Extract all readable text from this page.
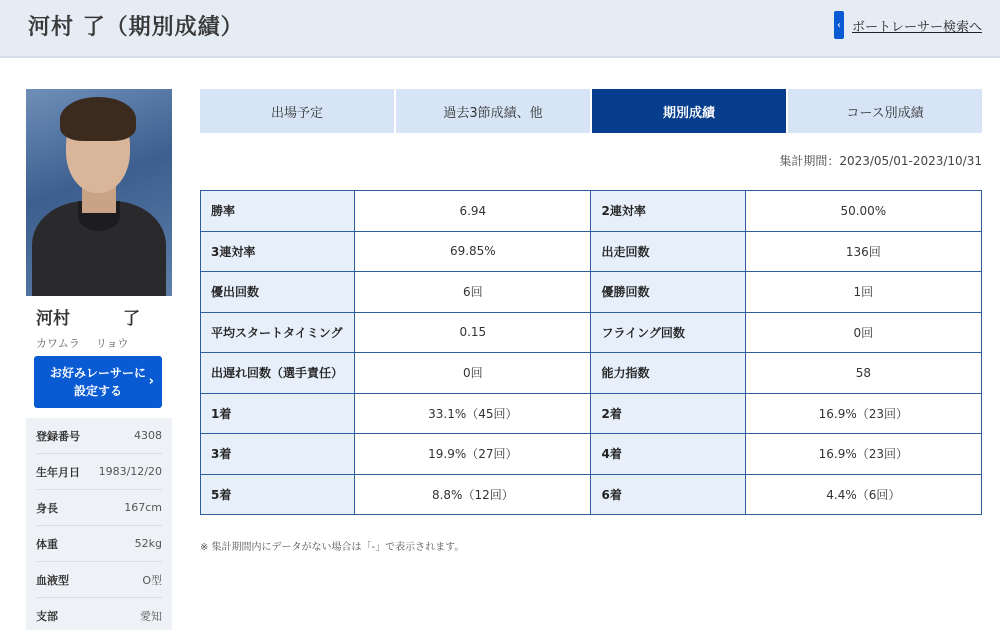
河村 了（期別成績）	‹ ボートレーサー検索へ
河村	了
カワムラ リョウ
お好みレーサーに
設定する
›
登録番号	4308
生年月日 1983/12/20
身長	167cm
体重	52kg
血液型	O型
支部	愛知
出場予定	過去3節成績、他	期別成績	コース別成績
集計期間：2023/05/01-2023/10/31
勝率	6.94	2連対率	50.00%
3連対率	69.85%	出走回数	136回
優出回数	6回	優勝回数	1回
平均スタートタイミング	0.15	フライング回数	0回
出遅れ回数（選手責任）	0回	能力指数	58
1着	33.1%（45回）	2着	16.9%（23回）
3着	19.9%（27回）	4着	16.9%（23回）
5着	8.8%（12回）	6着	4.4%（6回）
※ 集計期間内にデータがない場合は「-」で表示されます。
